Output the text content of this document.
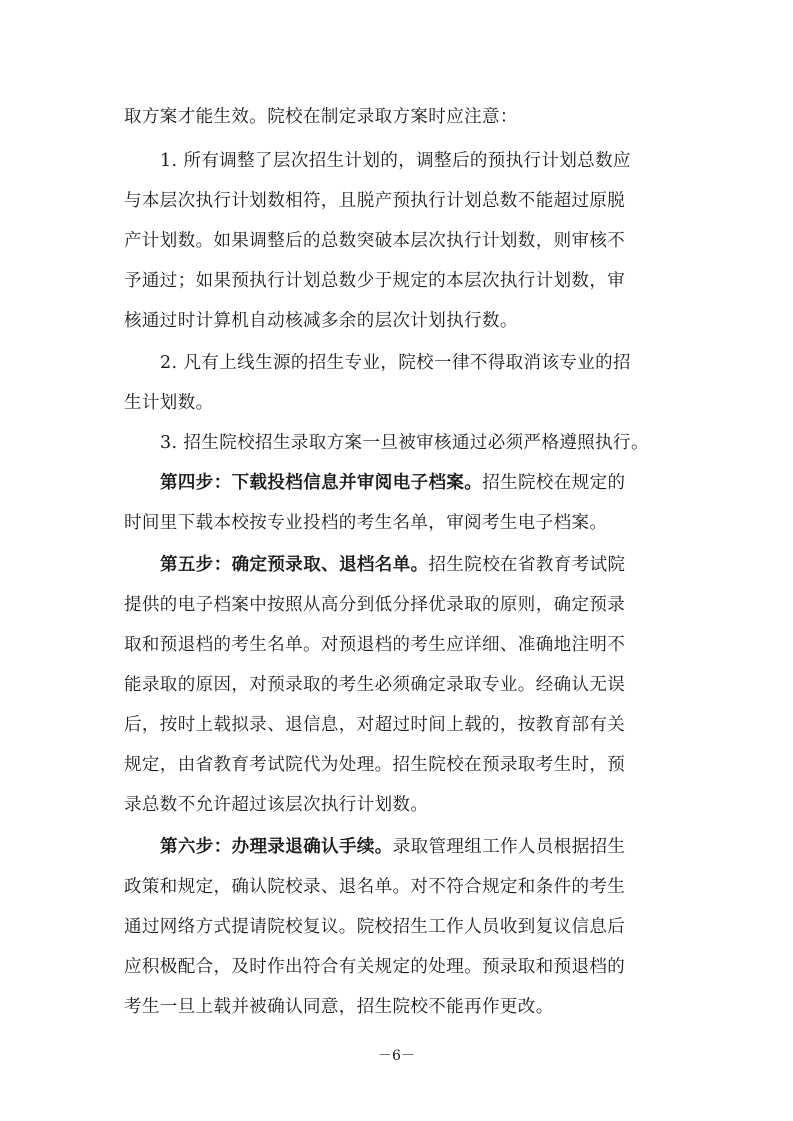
取方案才能生效。院校在制定录取方案时应注意：
1. 所有调整了层次招生计划的，调整后的预执行计划总数应
与本层次执行计划数相符，且脱产预执行计划总数不能超过原脱
产计划数。如果调整后的总数突破本层次执行计划数，则审核不
予通过；如果预执行计划总数少于规定的本层次执行计划数，审
核通过时计算机自动核减多余的层次计划执行数。
2. 凡有上线生源的招生专业，院校一律不得取消该专业的招
生计划数。
3. 招生院校招生录取方案一旦被审核通过必须严格遵照执行。
第四步：下载投档信息并审阅电子档案。招生院校在规定的
时间里下载本校按专业投档的考生名单，审阅考生电子档案。
第五步：确定预录取、退档名单。招生院校在省教育考试院
提供的电子档案中按照从高分到低分择优录取的原则，确定预录
取和预退档的考生名单。对预退档的考生应详细、准确地注明不
能录取的原因，对预录取的考生必须确定录取专业。经确认无误
后，按时上载拟录、退信息，对超过时间上载的，按教育部有关
规定，由省教育考试院代为处理。招生院校在预录取考生时，预
录总数不允许超过该层次执行计划数。
第六步：办理录退确认手续。录取管理组工作人员根据招生
政策和规定，确认院校录、退名单。对不符合规定和条件的考生
通过网络方式提请院校复议。院校招生工作人员收到复议信息后
应积极配合，及时作出符合有关规定的处理。预录取和预退档的
考生一旦上载并被确认同意，招生院校不能再作更改。
－6－
